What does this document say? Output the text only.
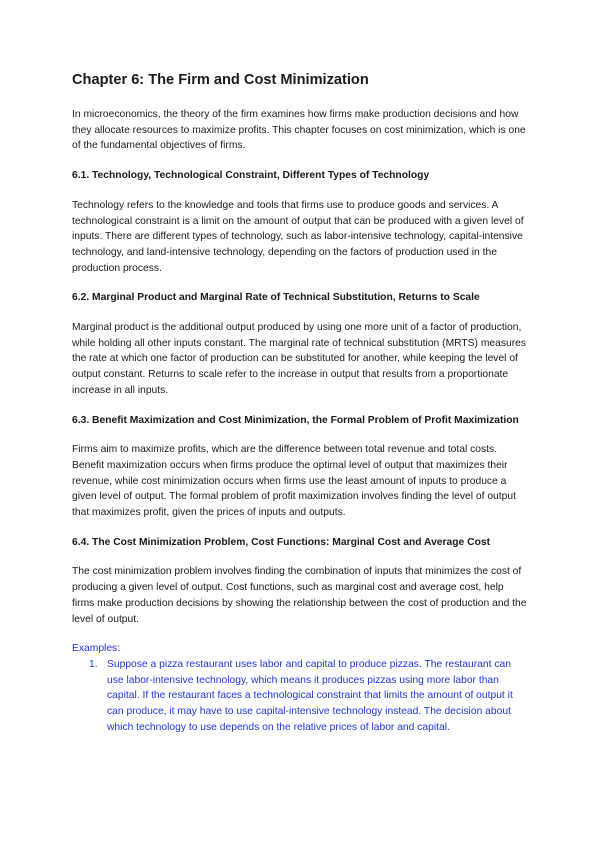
Chapter 6: The Firm and Cost Minimization

In microeconomics, the theory of the firm examines how firms make production decisions and how they allocate resources to maximize profits. This chapter focuses on cost minimization, which is one of the fundamental objectives of firms.

6.1. Technology, Technological Constraint, Different Types of Technology

Technology refers to the knowledge and tools that firms use to produce goods and services. A technological constraint is a limit on the amount of output that can be produced with a given level of inputs. There are different types of technology, such as labor-intensive technology, capital-intensive technology, and land-intensive technology, depending on the factors of production used in the production process.

6.2. Marginal Product and Marginal Rate of Technical Substitution, Returns to Scale

Marginal product is the additional output produced by using one more unit of a factor of production, while holding all other inputs constant. The marginal rate of technical substitution (MRTS) measures the rate at which one factor of production can be substituted for another, while keeping the level of output constant. Returns to scale refer to the increase in output that results from a proportionate increase in all inputs.

6.3. Benefit Maximization and Cost Minimization, the Formal Problem of Profit Maximization

Firms aim to maximize profits, which are the difference between total revenue and total costs. Benefit maximization occurs when firms produce the optimal level of output that maximizes their revenue, while cost minimization occurs when firms use the least amount of inputs to produce a given level of output. The formal problem of profit maximization involves finding the level of output that maximizes profit, given the prices of inputs and outputs.

6.4. The Cost Minimization Problem, Cost Functions: Marginal Cost and Average Cost

The cost minimization problem involves finding the combination of inputs that minimizes the cost of producing a given level of output. Cost functions, such as marginal cost and average cost, help firms make production decisions by showing the relationship between the cost of production and the level of output.

Examples:

1. Suppose a pizza restaurant uses labor and capital to produce pizzas. The restaurant can use labor-intensive technology, which means it produces pizzas using more labor than capital. If the restaurant faces a technological constraint that limits the amount of output it can produce, it may have to use capital-intensive technology instead. The decision about which technology to use depends on the relative prices of labor and capital.
